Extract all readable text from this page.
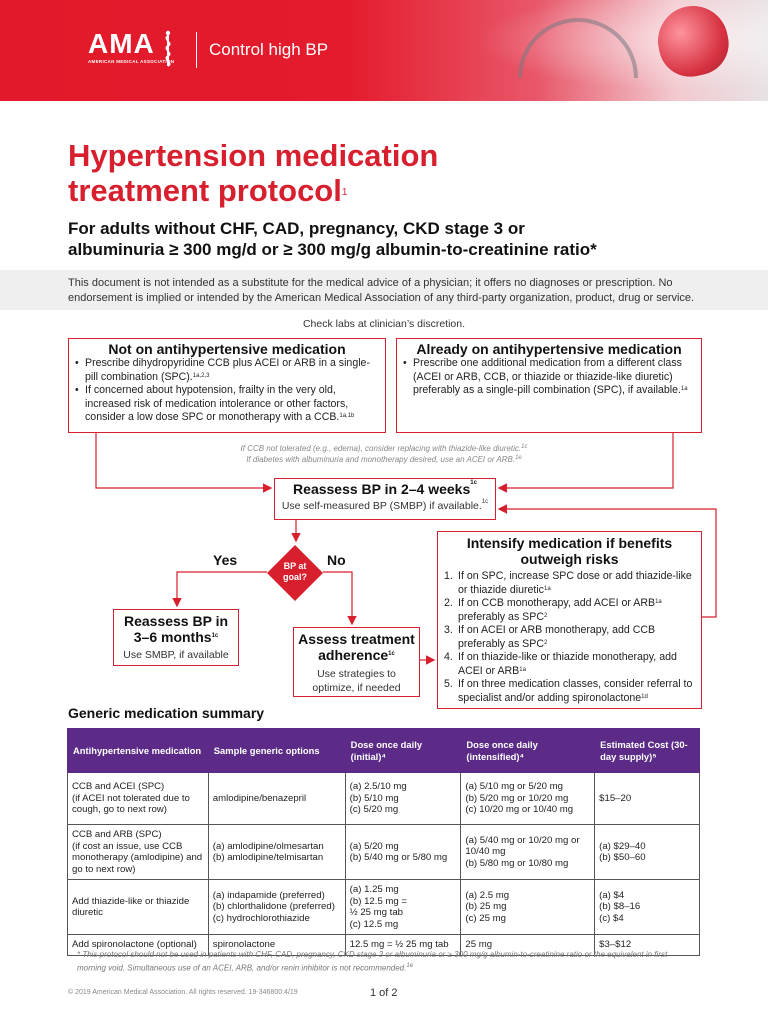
AMA
AMERICAN MEDICAL ASSOCIATION
Control high BP
Hypertension medication
treatment protocol$^1$
For adults without CHF, CAD, pregnancy, CKD stage 3 or
albuminuria ≥ 300 mg/d or ≥ 300 mg/g albumin-to-creatinine ratio*
This document is not intended as a substitute for the medical advice of a physician; it offers no diagnoses or prescription. No endorsement is implied or intended by the American Medical Association of any third-party organization, product, drug or service.
Check labs at clinician’s discretion.
Not on antihypertensive medication
• Prescribe dihydropyridine CCB plus ACEI or ARB in a single-pill combination (SPC).$^{1a,2,3}$
• If concerned about hypotension, frailty in the very old, increased risk of medication intolerance or other factors, consider a low dose SPC or monotherapy with a CCB.$^{1a,1b}$
Already on antihypertensive medication
• Prescribe one additional medication from a different class (ACEI or ARB, CCB, or thiazide or thiazide-like diuretic) preferably as a single-pill combination (SPC), if available.$^{1a}$
If CCB not tolerated (e.g., edema), consider replacing with thiazide-like diuretic.$^{1c}$
If diabetes with albuminuria and monotherapy desired, use an ACEI or ARB.$^{1e}$
Reassess BP in 2–4 weeks$^{1c}$
Use self-measured BP (SMBP) if available.$^{1c}$
Yes	No
BP at
goal?
Reassess BP in
3–6 months$^{1c}$
Use SMBP, if available
Assess treatment
adherence$^{1c}$
Use strategies to
optimize, if needed
Intensify medication if benefits
outweigh risks
1. If on SPC, increase SPC dose or add thiazide-like or thiazide diuretic$^{1a}$
2. If on CCB monotherapy, add ACEI or $ARB^{1a}$ preferably as SPC$^2$
3. If on ACEI or ARB monotherapy, add CCB preferably as SPC$^2$
4. If on thiazide-like or thiazide monotherapy, add ACEI or $ARB^{1a}$
5. If on three medication classes, consider referral to specialist and/or adding spironolactone$^{1d}$
Generic medication summary
Antihypertensive medication	Sample generic options	Dose once daily (initial)⁴	Dose once daily (intensified)⁴	Estimated Cost (30-day supply)⁵
CCB and ACEI (SPC)
(if ACEI not tolerated due to cough, go to next row)	amlodipine/benazepril	(a) 2.5/10 mg
(b) 5/10 mg
(c) 5/20 mg	(a) 5/10 mg or 5/20 mg
(b) 5/20 mg or 10/20 mg
(c) 10/20 mg or 10/40 mg	$15–20
CCB and ARB (SPC)
(if cost an issue, use CCB monotherapy (amlodipine) and go to next row)	(a) amlodipine/olmesartan
(b) amlodipine/telmisartan	(a) 5/20 mg
(b) 5/40 mg or 5/80 mg	(a) 5/40 mg or 10/20 mg or
10/40 mg
(b) 5/80 mg or 10/80 mg	(a) $29–40
(b) $50–60
Add thiazide-like or thiazide diuretic	(a) indapamide (preferred)
(b) chlorthalidone (preferred)
(c) hydrochlorothiazide	(a) 1.25 mg
(b) 12.5 mg =
½ 25 mg tab
(c) 12.5 mg	(a) 2.5 mg
(b) 25 mg
(c) 25 mg	(a) $4
(b) $8–16
(c) $4
Add spironolactone (optional)	spironolactone	12.5 mg = ½ 25 mg tab	25 mg	$3–$12
* This protocol should not be used in patients with CHF, CAD, pregnancy, CKD stage 3 or albuminuria or ≥ 300 mg/g albumin-to-creatinine ratio or the equivalent in first morning void. Simultaneous use of an ACEI, ARB, and/or renin inhibitor is not recommended.$^{1e}$
© 2019 American Medical Association. All rights reserved. 19-346800:4/19	1 of 2
